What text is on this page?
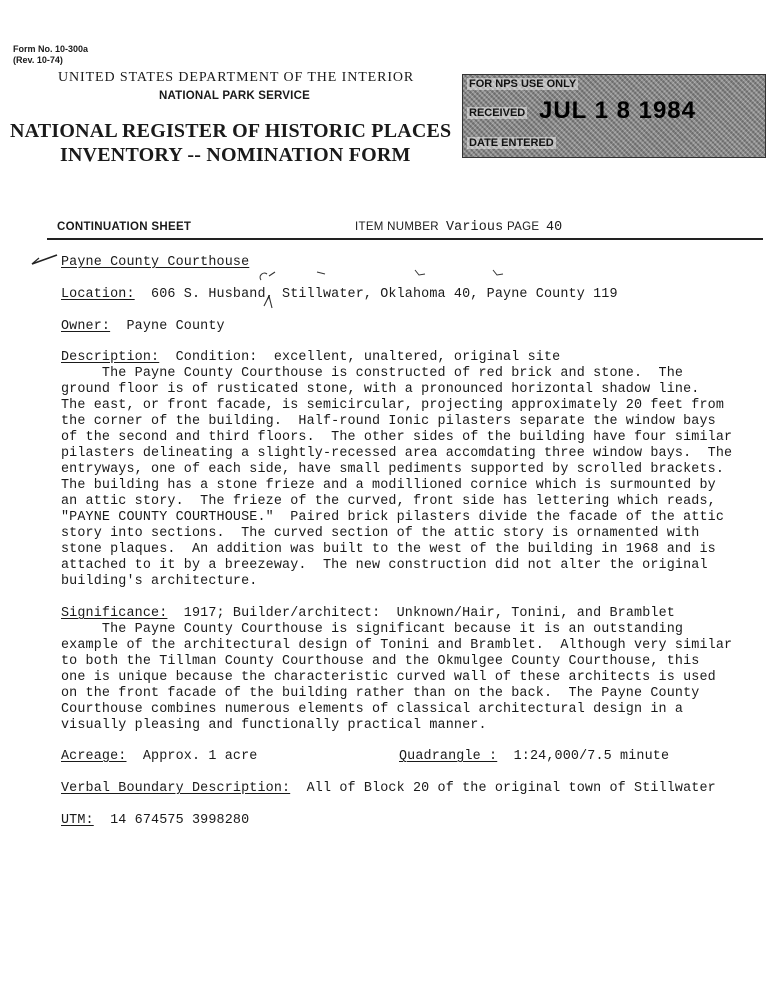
Form No. 10-300a
(Rev. 10-74)
UNITED STATES DEPARTMENT OF THE INTERIOR
NATIONAL PARK SERVICE
NATIONAL REGISTER OF HISTORIC PLACES
INVENTORY -- NOMINATION FORM
FOR NPS USE ONLY
RECEIVED JUL 1 8 1984
DATE ENTERED
CONTINUATION SHEET	ITEM NUMBER Various PAGE 40
Payne County Courthouse
Location: 606 S. Husband, Stillwater, Oklahoma 40, Payne County 119
Owner: Payne County
Description: Condition:  excellent, unaltered, original site
The Payne County Courthouse is constructed of red brick and stone.  The
ground floor is of rusticated stone, with a pronounced horizontal shadow line.
The east, or front facade, is semicircular, projecting approximately 20 feet from
the corner of the building.  Half-round Ionic pilasters separate the window bays
of the second and third floors.  The other sides of the building have four similar
pilasters delineating a slightly-recessed area accomdating three window bays.  The
entryways, one of each side, have small pediments supported by scrolled brackets.
The building has a stone frieze and a modillioned cornice which is surmounted by
an attic story.  The frieze of the curved, front side has lettering which reads,
"PAYNE COUNTY COURTHOUSE."  Paired brick pilasters divide the facade of the attic
story into sections.  The curved section of the attic story is ornamented with
stone plaques.  An addition was built to the west of the building in 1968 and is
attached to it by a breezeway.  The new construction did not alter the original
building's architecture.
Significance: 1917; Builder/architect:  Unknown/Hair, Tonini, and Bramblet
The Payne County Courthouse is significant because it is an outstanding
example of the architectural design of Tonini and Bramblet.  Although very similar
to both the Tillman County Courthouse and the Okmulgee County Courthouse, this
one is unique because the characteristic curved wall of these architects is used
on the front facade of the building rather than on the back.  The Payne County
Courthouse combines numerous elements of classical architectural design in a
visually pleasing and functionally practical manner.
Acreage: Approx. 1 acre	Quadrangle : 1:24,000/7.5 minute
Verbal Boundary Description: All of Block 20 of the original town of Stillwater
UTM: 14 674575 3998280
